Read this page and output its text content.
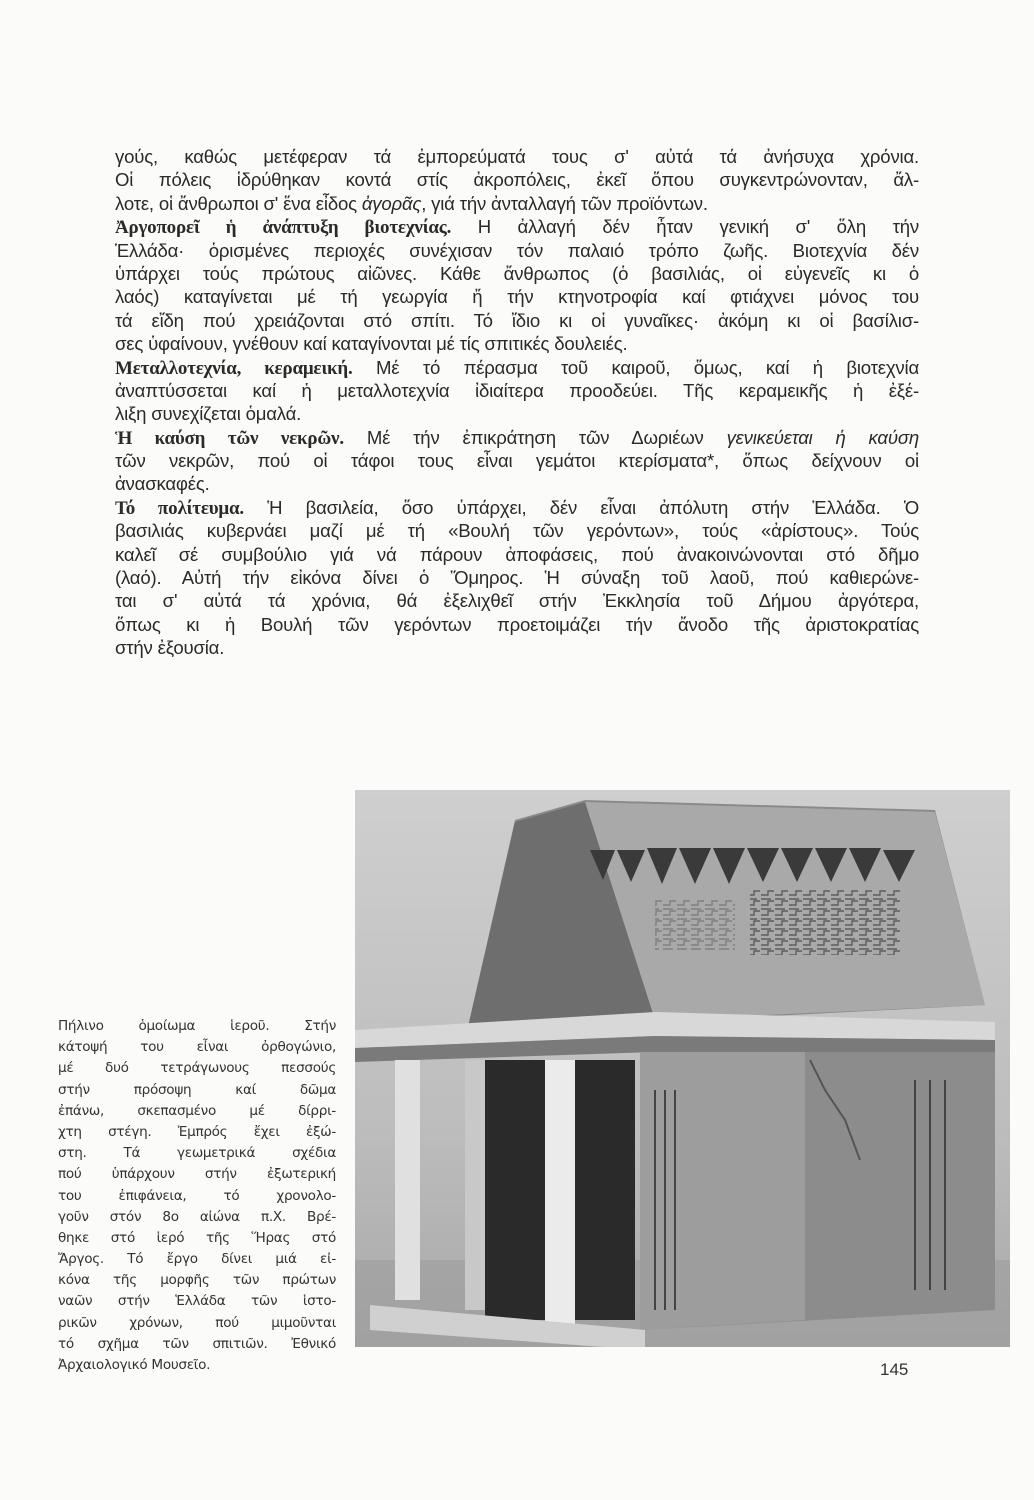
γούς, καθώς μετέφεραν τά ἐμπορεύματά τους σ' αὐτά τά ἀνήσυχα χρόνια.
Οἱ πόλεις ἱδρύθηκαν κοντά στίς ἀκροπόλεις, ἐκεῖ ὅπου συγκεντρώνονταν, ἄλ-
λοτε, οἱ ἄνθρωποι σ' ἕνα εἶδος ἀγορᾶς, γιά τήν ἀνταλλαγή τῶν προϊόντων.
Ἀργοπορεῖ ἡ ἀνάπτυξη βιοτεχνίας. Η ἀλλαγή δέν ἦταν γενική σ' ὅλη τήν
Ἑλλάδα· ὁρισμένες περιοχές συνέχισαν τόν παλαιό τρόπο ζωῆς. Βιοτεχνία δέν
ὑπάρχει τούς πρώτους αἰῶνες. Κάθε ἄνθρωπος (ὁ βασιλιάς, οἱ εὐγενεῖς κι ὁ
λαός) καταγίνεται μέ τή γεωργία ἤ τήν κτηνοτροφία καί φτιάχνει μόνος του
τά εἴδη πού χρειάζονται στό σπίτι. Τό ἴδιο κι οἱ γυναῖκες· ἀκόμη κι οἱ βασίλισ-
σες ὑφαίνουν, γνέθουν καί καταγίνονται μέ τίς σπιτικές δουλειές.
Μεταλλοτεχνία, κεραμεική. Μέ τό πέρασμα τοῦ καιροῦ, ὅμως, καί ἡ βιοτεχνία
ἀναπτύσσεται καί ἡ μεταλλοτεχνία ἰδιαίτερα προοδεύει. Τῆς κεραμεικῆς ἡ ἐξέ-
λιξη συνεχίζεται ὁμαλά.
Ἡ καύση τῶν νεκρῶν. Μέ τήν ἐπικράτηση τῶν Δωριέων γενικεύεται ἡ καύση
τῶν νεκρῶν, πού οἱ τάφοι τους εἶναι γεμάτοι κτερίσματα*, ὅπως δείχνουν οἱ
ἀνασκαφές.
Τό πολίτευμα. Ἡ βασιλεία, ὅσο ὑπάρχει, δέν εἶναι ἀπόλυτη στήν Ἑλλάδα. Ὁ
βασιλιάς κυβερνάει μαζί μέ τή «Βουλή τῶν γερόντων», τούς «ἀρίστους». Τούς
καλεῖ σέ συμβούλιο γιά νά πάρουν ἀποφάσεις, πού ἀνακοινώνονται στό δῆμο
(λαό). Αὐτή τήν εἰκόνα δίνει ὁ Ὅμηρος. Ἡ σύναξη τοῦ λαοῦ, πού καθιερώνε-
ται σ' αὐτά τά χρόνια, θά ἐξελιχθεῖ στήν Ἐκκλησία τοῦ Δήμου ἀργότερα,
ὅπως κι ἡ Βουλή τῶν γερόντων προετοιμάζει τήν ἄνοδο τῆς ἀριστοκρατίας
στήν ἐξουσία.
Πήλινο ὁμοίωμα ἱεροῦ. Στήν
κάτοψή του εἶναι ὀρθογώνιο,
μέ δυό τετράγωνους πεσσούς
στήν πρόσοψη καί δῶμα
ἐπάνω, σκεπασμένο μέ δίρρι-
χτη στέγη. Ἐμπρός ἔχει ἐξώ-
στη. Τά γεωμετρικά σχέδια
πού ὑπάρχουν στήν ἐξωτερική
του ἐπιφάνεια, τό χρονολο-
γοῦν στόν 8ο αἰώνα π.Χ. Βρέ-
θηκε στό ἱερό τῆς Ἥρας στό
Ἄργος. Τό ἔργο δίνει μιά εἰ-
κόνα τῆς μορφῆς τῶν πρώτων
ναῶν στήν Ἑλλάδα τῶν ἱστο-
ρικῶν χρόνων, πού μιμοῦνται
τό σχῆμα τῶν σπιτιῶν. Ἐθνικό
Ἀρχαιολογικό Μουσεῖο.	145
